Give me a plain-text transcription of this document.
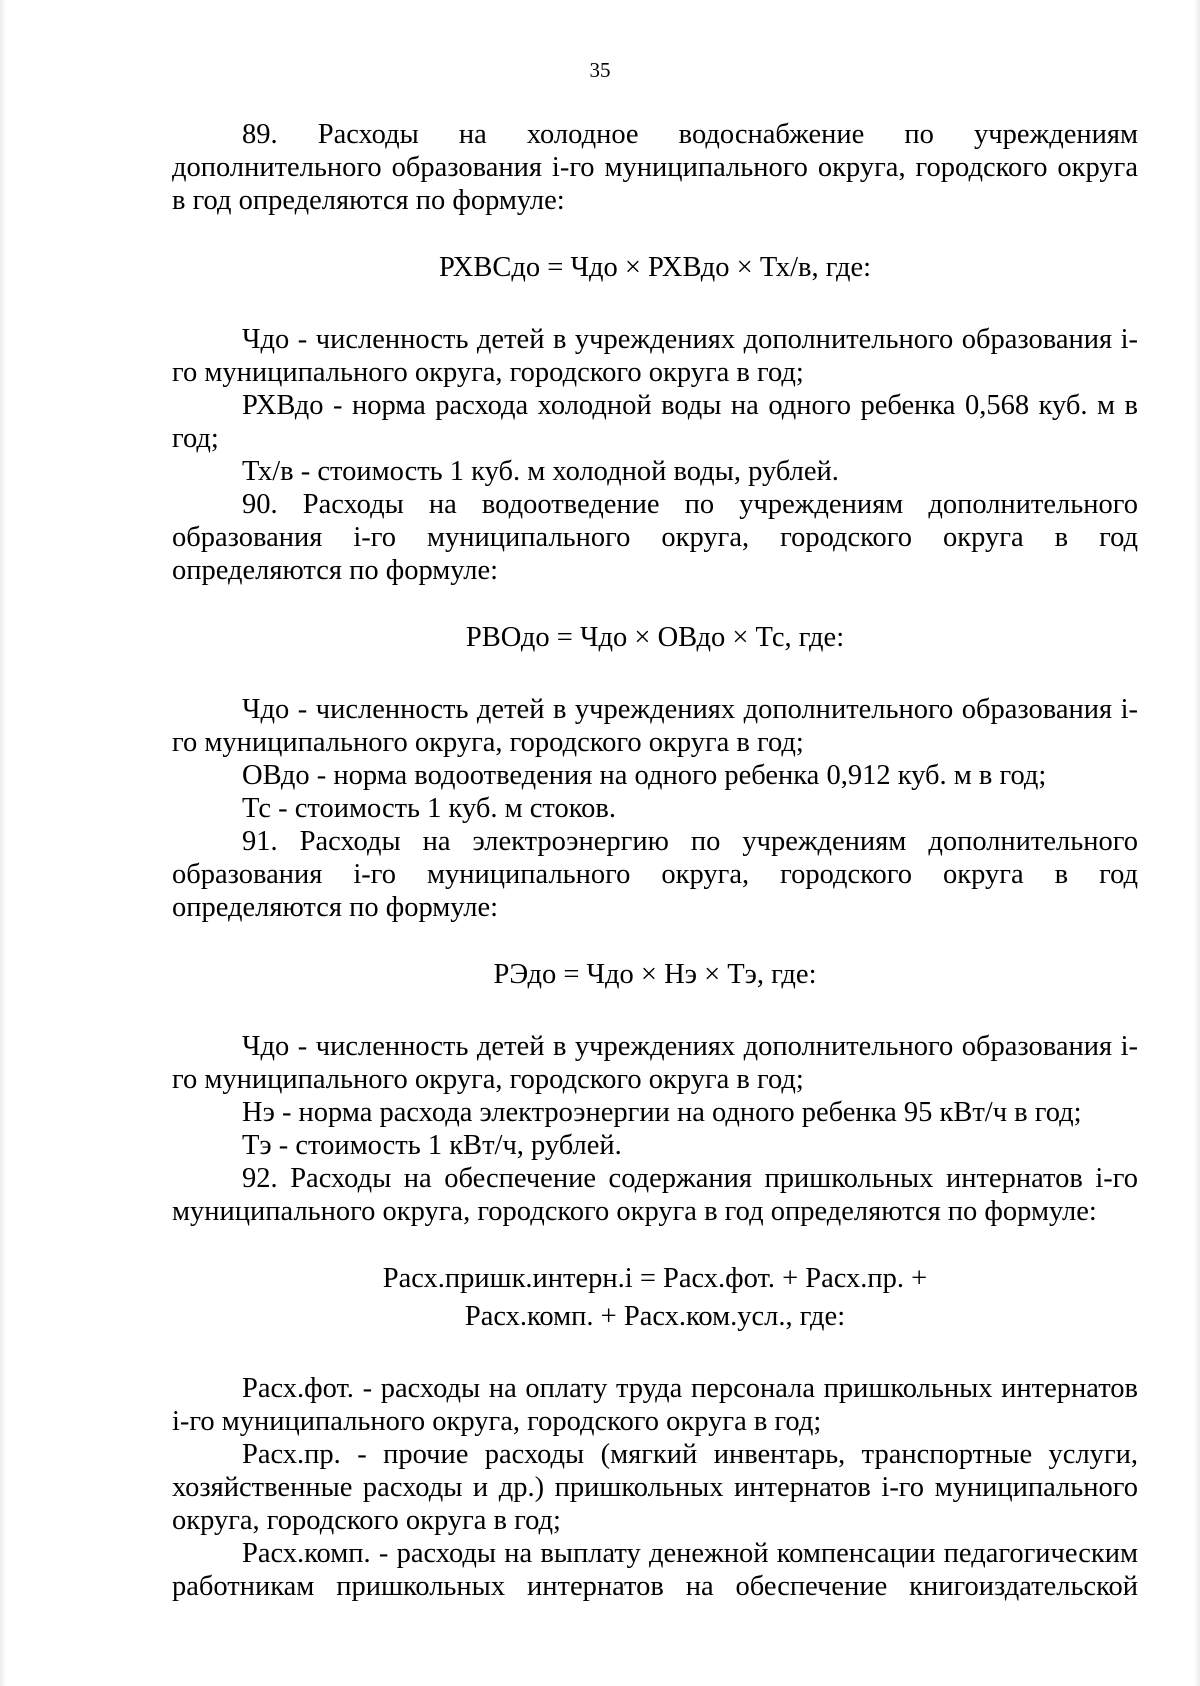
35

89. Расходы на холодное водоснабжение по учреждениям дополнительного образования i-го муниципального округа, городского округа в год определяются по формуле:

РХВСдо = Чдо × РХВдо × Тх/в, где:

Чдо - численность детей в учреждениях дополнительного образования i-го муниципального округа, городского округа в год;

РХВдо - норма расхода холодной воды на одного ребенка 0,568 куб. м в год;

Тх/в - стоимость 1 куб. м холодной воды, рублей.

90. Расходы на водоотведение по учреждениям дополнительного образования i-го муниципального округа, городского округа в год определяются по формуле:

РВОдо = Чдо × ОВдо × Тс, где:

Чдо - численность детей в учреждениях дополнительного образования i-го муниципального округа, городского округа в год;

ОВдо - норма водоотведения на одного ребенка 0,912 куб. м в год;

Тс - стоимость 1 куб. м стоков.

91. Расходы на электроэнергию по учреждениям дополнительного образования i-го муниципального округа, городского округа в год определяются по формуле:

РЭдо = Чдо × Нэ × Тэ, где:

Чдо - численность детей в учреждениях дополнительного образования i-го муниципального округа, городского округа в год;

Нэ - норма расхода электроэнергии на одного ребенка 95 кВт/ч в год;

Тэ - стоимость 1 кВт/ч, рублей.

92. Расходы на обеспечение содержания пришкольных интернатов i-го муниципального округа, городского округа в год определяются по формуле:

Расх.пришк.интерн.i = Расх.фот. + Расх.пр. +
Расх.комп. + Расх.ком.усл., где:

Расх.фот. - расходы на оплату труда персонала пришкольных интернатов i-го муниципального округа, городского округа в год;

Расх.пр. - прочие расходы (мягкий инвентарь, транспортные услуги, хозяйственные расходы и др.) пришкольных интернатов i-го муниципального округа, городского округа в год;

Расх.комп. - расходы на выплату денежной компенсации педагогическим работникам пришкольных интернатов на обеспечение книгоиздательской
